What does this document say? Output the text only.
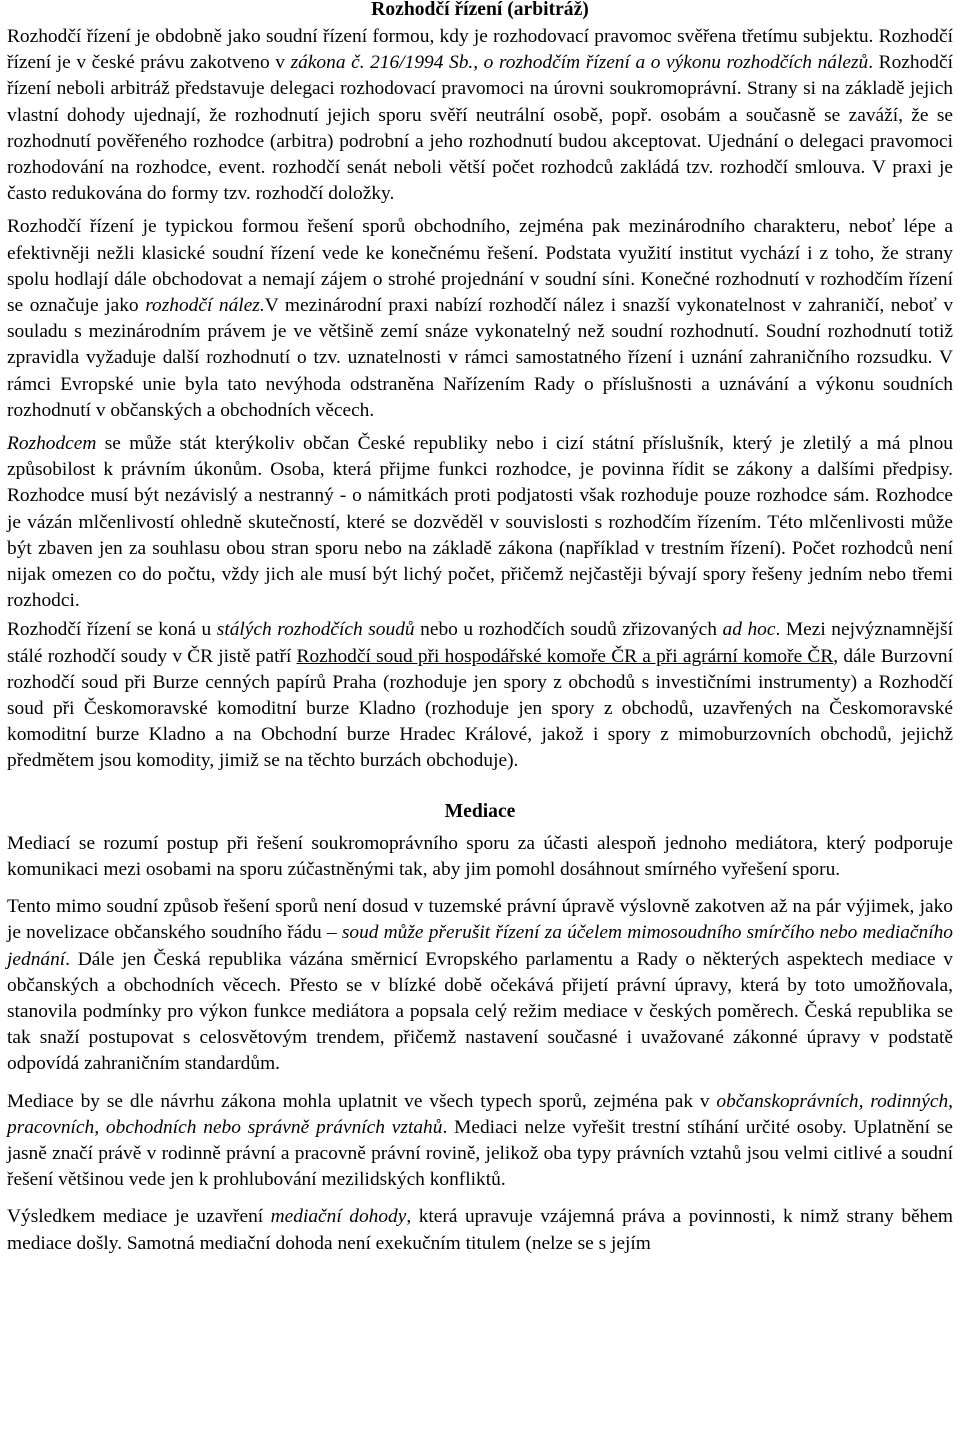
Rozhodčí řízení (arbitráž)

Rozhodčí řízení je obdobně jako soudní řízení formou, kdy je rozhodovací pravomoc svěřena třetímu subjektu. Rozhodčí řízení je v české právu zakotveno v zákona č. 216/1994 Sb., o rozhodčím řízení a o výkonu rozhodčích nálezů. Rozhodčí řízení neboli arbitráž představuje delegaci rozhodovací pravomoci na úrovni soukromoprávní. Strany si na základě jejich vlastní dohody ujednají, že rozhodnutí jejich sporu svěří neutrální osobě, popř. osobám a současně se zaváží, že se rozhodnutí pověřeného rozhodce (arbitra) podrobní a jeho rozhodnutí budou akceptovat. Ujednání o delegaci pravomoci rozhodování na rozhodce, event. rozhodčí senát neboli větší počet rozhodců zakládá tzv. rozhodčí smlouva. V praxi je často redukována do formy tzv. rozhodčí doložky.

Rozhodčí řízení je typickou formou řešení sporů obchodního, zejména pak mezinárodního charakteru, neboť lépe a efektivněji nežli klasické soudní řízení vede ke konečnému řešení. Podstata využití institut vychází i z toho, že strany spolu hodlají dále obchodovat a nemají zájem o strohé projednání v soudní síni. Konečné rozhodnutí v rozhodčím řízení se označuje jako rozhodčí nález.V mezinárodní praxi nabízí rozhodčí nález i snazší vykonatelnost v zahraničí, neboť v souladu s mezinárodním právem je ve většině zemí snáze vykonatelný než soudní rozhodnutí. Soudní rozhodnutí totiž zpravidla vyžaduje další rozhodnutí o tzv. uznatelnosti v rámci samostatného řízení i uznání zahraničního rozsudku. V rámci Evropské unie byla tato nevýhoda odstraněna Nařízením Rady o příslušnosti a uznávání a výkonu soudních rozhodnutí v občanských a obchodních věcech.

Rozhodcem se může stát kterýkoliv občan České republiky nebo i cizí státní příslušník, který je zletilý a má plnou způsobilost k právním úkonům. Osoba, která přijme funkci rozhodce, je povinna řídit se zákony a dalšími předpisy. Rozhodce musí být nezávislý a nestranný - o námitkách proti podjatosti však rozhoduje pouze rozhodce sám. Rozhodce je vázán mlčenlivostí ohledně skutečností, které se dozvěděl v souvislosti s rozhodčím řízením. Této mlčenlivosti může být zbaven jen za souhlasu obou stran sporu nebo na základě zákona (například v trestním řízení). Počet rozhodců není nijak omezen co do počtu, vždy jich ale musí být lichý počet, přičemž nejčastěji bývají spory řešeny jedním nebo třemi rozhodci.

Rozhodčí řízení se koná u stálých rozhodčích soudů nebo u rozhodčích soudů zřizovaných ad hoc. Mezi nejvýznamnější stálé rozhodčí soudy v ČR jistě patří Rozhodčí soud při hospodářské komoře ČR a při agrární komoře ČR, dále Burzovní rozhodčí soud při Burze cenných papírů Praha (rozhoduje jen spory z obchodů s investičními instrumenty) a Rozhodčí soud při Českomoravské komoditní burze Kladno (rozhoduje jen spory z obchodů, uzavřených na Českomoravské komoditní burze Kladno a na Obchodní burze Hradec Králové, jakož i spory z mimoburzovních obchodů, jejichž předmětem jsou komodity, jimiž se na těchto burzách obchoduje).

Mediace

Mediací se rozumí postup při řešení soukromoprávního sporu za účasti alespoň jednoho mediátora, který podporuje komunikaci mezi osobami na sporu zúčastněnými tak, aby jim pomohl dosáhnout smírného vyřešení sporu.

Tento mimo soudní způsob řešení sporů není dosud v tuzemské právní úpravě výslovně zakotven až na pár výjimek, jako je novelizace občanského soudního řádu – soud může přerušit řízení za účelem mimosoudního smírčího nebo mediačního jednání. Dále jen Česká republika vázána směrnicí Evropského parlamentu a Rady o některých aspektech mediace v občanských a obchodních věcech. Přesto se v blízké době očekává přijetí právní úpravy, která by toto umožňovala, stanovila podmínky pro výkon funkce mediátora a popsala celý režim mediace v českých poměrech. Česká republika se tak snaží postupovat s celosvětovým trendem, přičemž nastavení současné i uvažované zákonné úpravy v podstatě odpovídá zahraničním standardům.

Mediace by se dle návrhu zákona mohla uplatnit ve všech typech sporů, zejména pak v občanskoprávních, rodinných, pracovních, obchodních nebo správně právních vztahů. Mediaci nelze vyřešit trestní stíhání určité osoby. Uplatnění se jasně značí právě v rodinně právní a pracovně právní rovině, jelikož oba typy právních vztahů jsou velmi citlivé a soudní řešení většinou vede jen k prohlubování mezilidských konfliktů.

Výsledkem mediace je uzavření mediační dohody, která upravuje vzájemná práva a povinnosti, k nimž strany během mediace došly. Samotná mediační dohoda není exekučním titulem (nelze se s jejím
